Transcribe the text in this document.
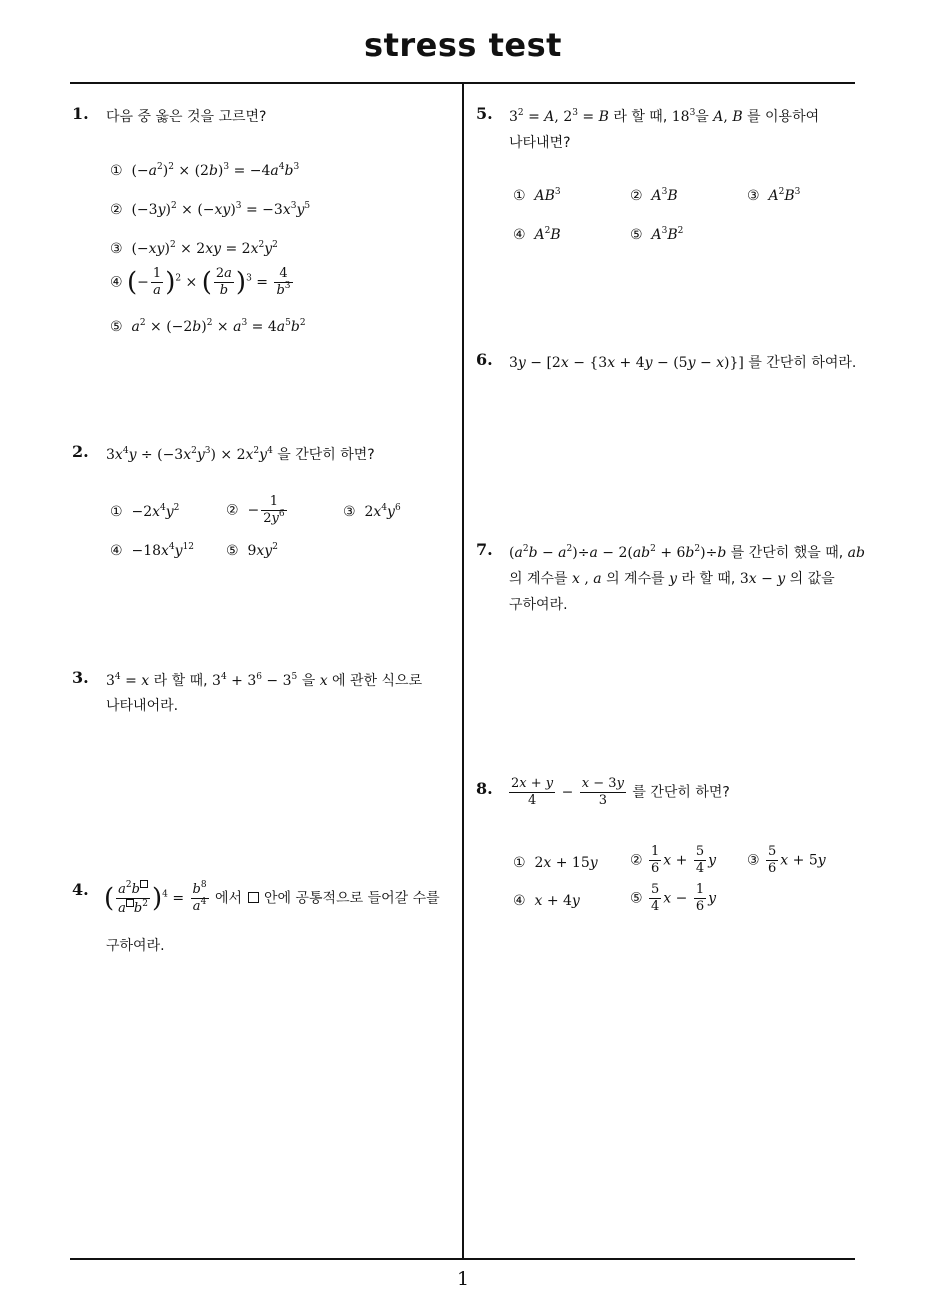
stress test
1
1. 다음 중 옳은 것을 고르면?
①  $(-a^2)^2 \times (2b)^3 = -4a^4b^3$
②  $(-3y)^2 \times (-xy)^3 = -3x^3y^5$
③  $(-xy)^2 \times 2xy = 2x^2y^2$
④ (− $\frac{1}{a} )^2$ × ( $\frac{2a}{b} )^3 = \frac{4}{b^3}$
⑤ $a^2 \times (-2b)^2 \times a^3 = 4a^5b^2$
2. $3x^4y \div (-3x^2y^3) \times 2x^2y^4$ 을 간단히 하면?
①  $-2x^4y^2$	②  − $\frac{1}{2y^6}$	③  $2x^4y^6$
④  $-18x^4y^{12}$ ⑤  $9xy^2$
3. $3^4 = x$ 라 할 때, $3^4 + 3^6 - 3^5$ 을 x 에 관한 식으로
나타내어라.
4. ( $\frac{a^2b}{a b^2} )^4 = \frac{b^8}{a^4}$ 에서 안에 공통적으로 들어갈 수를
구하여라.
5. $3^2 = A$, $2^3 = B$ 라 할 때, $18^3$을 A, B 를 이용하여
나타내면?
① $AB^3$	② $A^3B$	③ $A^2B^3$
④ $A^2B$	⑤ $A^3B^2$
6. 3y − [2x − {3x + 4y − (5y − x)}] 를 간단히 하여라.
7. $(a^2b - a^2)\div a - 2(ab^2 + 6b^2)\div b$ 를 간단히 했을 때, ab
의 계수를 x , a 의 계수를 y 라 할 때, 3x − y 의 값을
구하여라.
8. $\frac{2x + y}{4} - \frac{x - 3y}{3}$ 를 간단히 하면?
①  2x + 15y ② $\frac{1}{6}$ $x + \frac{5}{4}$ y ③ $\frac{5}{6}$ x + 5y
④ x + 4y	⑤ $\frac{5}{4}$ $x - \frac{1}{6}$ y
